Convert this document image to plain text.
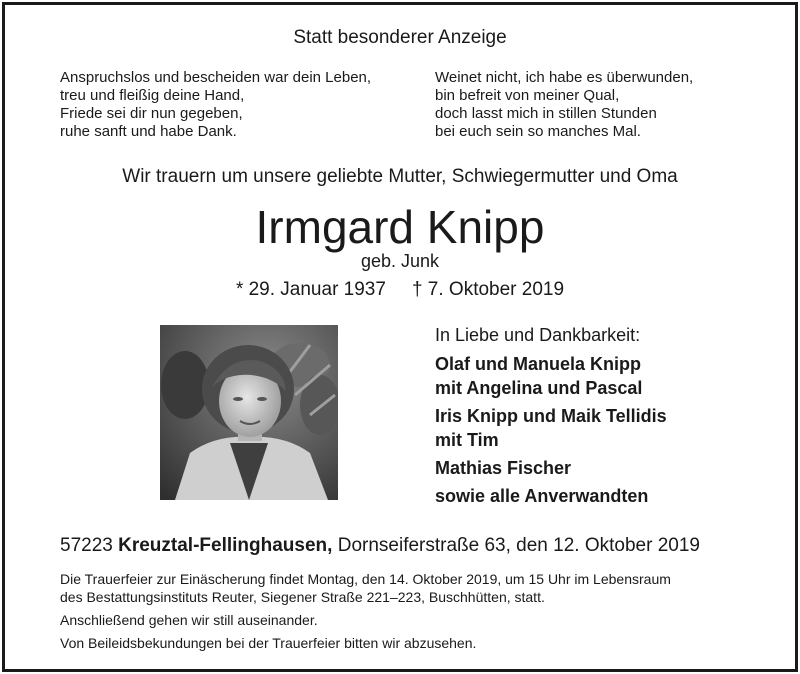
Statt besonderer Anzeige
Anspruchslos und bescheiden war dein Leben,
treu und fleißig deine Hand,
Friede sei dir nun gegeben,
ruhe sanft und habe Dank.
Weinet nicht, ich habe es überwunden,
bin befreit von meiner Qual,
doch lasst mich in stillen Stunden
bei euch sein so manches Mal.
Wir trauern um unsere geliebte Mutter, Schwiegermutter und Oma
Irmgard Knipp
geb. Junk
* 29. Januar 1937 † 7. Oktober 2019
In Liebe und Dankbarkeit:
Olaf und Manuela Knipp
mit Angelina und Pascal
Iris Knipp und Maik Tellidis
mit Tim
Mathias Fischer
sowie alle Anverwandten
57223 Kreuztal-Fellinghausen, Dornseiferstraße 63, den 12. Oktober 2019
Die Trauerfeier zur Einäscherung findet Montag, den 14. Oktober 2019, um 15 Uhr im Lebensraum
des Bestattungsinstituts Reuter, Siegener Straße 221–223, Buschhütten, statt.
Anschließend gehen wir still auseinander.
Von Beileidsbekundungen bei der Trauerfeier bitten wir abzusehen.
